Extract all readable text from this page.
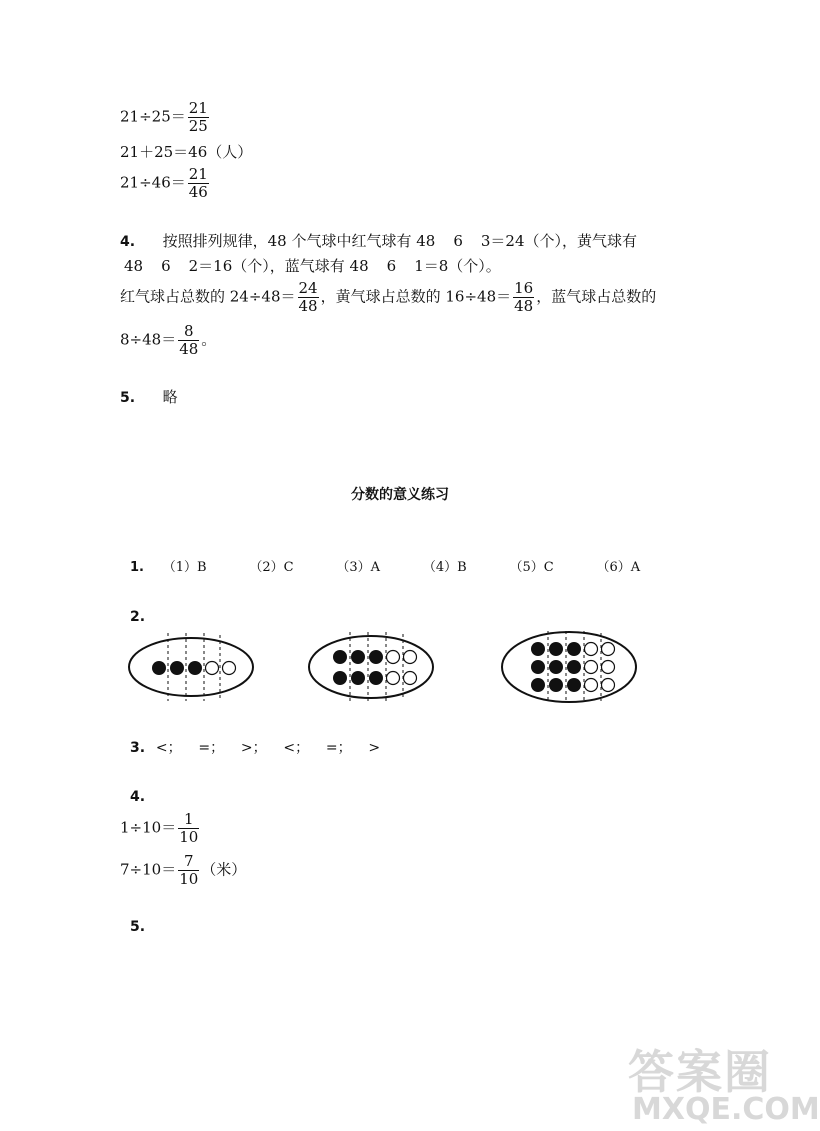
$21\div 25= \frac{21}{25}$
21＋25＝46（人）
$21\div 46= \frac{21}{46}$
4. 按照排列规律，48 个气球中红气球有 48 6 3＝24（个），黄气球有
48 6 2＝16（个），蓝气球有 48 6 1＝8（个）。
红气球占总数的 $24\div 48= \frac{24}{48}$ ，黄气球占总数的 $16\div 48= \frac{16}{48}$ ，蓝气球占总数的
$8\div 48= \frac{8}{48}$ 。
5. 略
分数的意义练习
1. （1）B	（2）C	（3）A	（4）B	（5）C	（6）A
2.
3. <； =； >； <； =； >
4.
$1\div 10= \frac{1}{10}$
$7\div 10= \frac{7}{10}$ （米）
5.
答案圈
MXQE.COM
